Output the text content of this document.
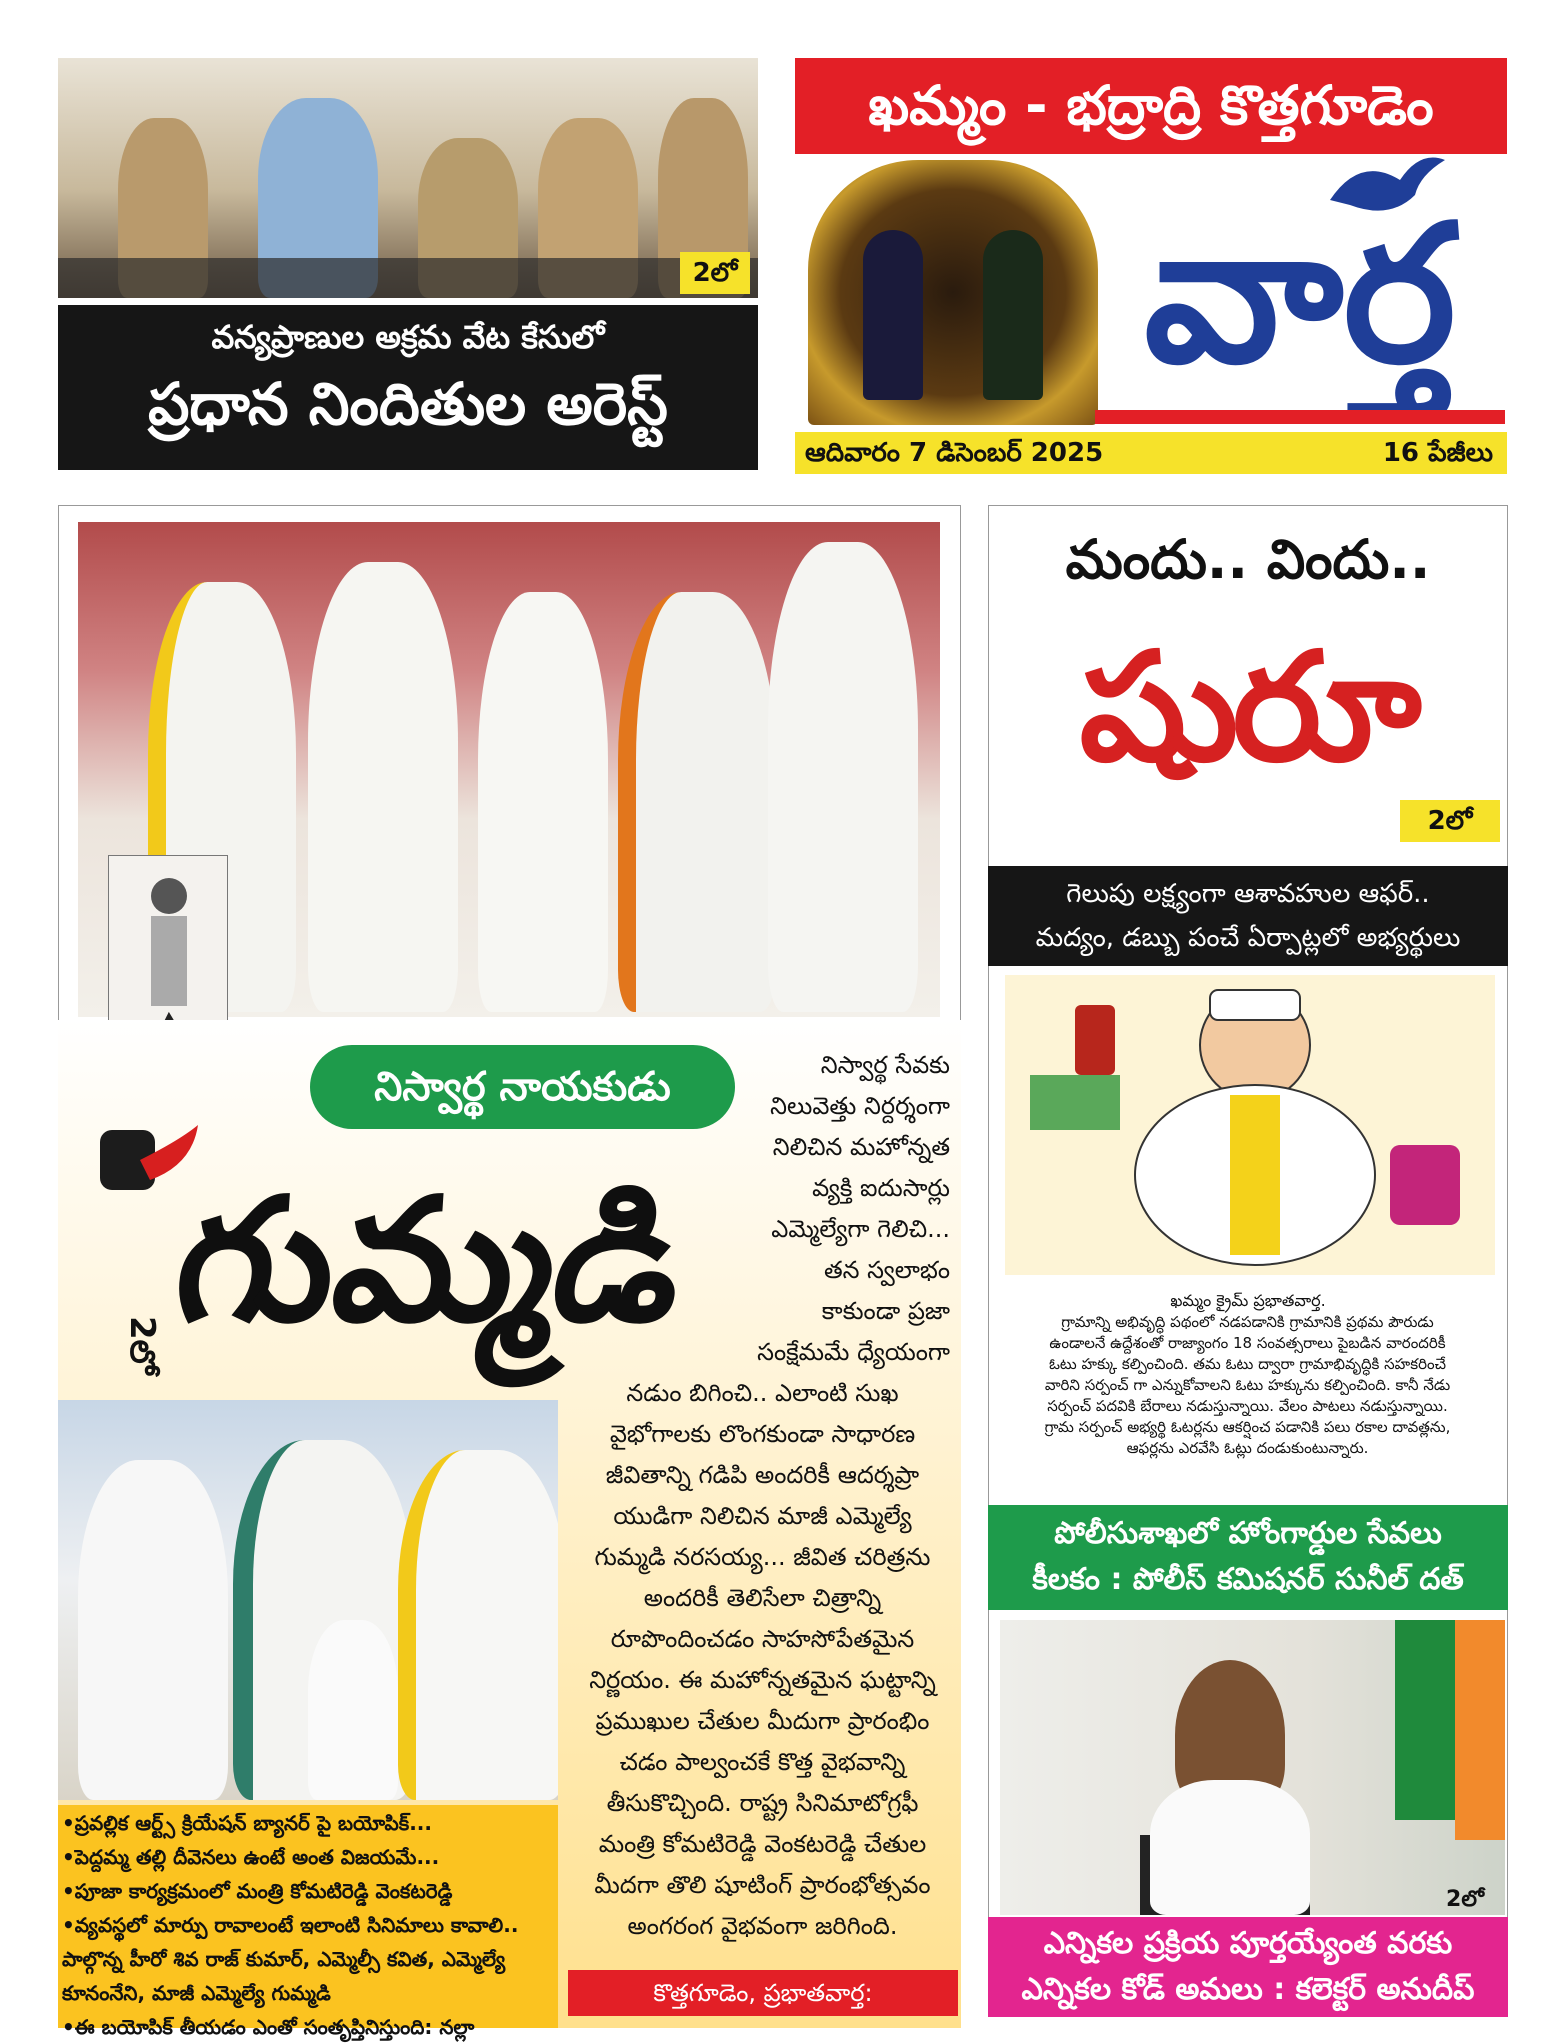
2లో
వన్యప్రాణుల అక్రమ వేట కేసులో
ప్రధాన నిందితుల అరెస్ట్
ఖమ్మం - భద్రాద్రి కొత్తగూడెం
వార్త
ఆదివారం 7 డిసెంబర్ 2025	16 పేజీలు
నిస్వార్థ నాయకుడు
గుమ్మడి
2లో
•ప్రవల్లిక ఆర్ట్స్ క్రియేషన్ బ్యానర్ పై బయోపిక్...
•పెద్దమ్మ తల్లి దీవెనలు ఉంటే అంత విజయమే...
•పూజా కార్యక్రమంలో మంత్రి కోమటిరెడ్డి వెంకటరెడ్డి
•వ్యవస్థలో మార్పు రావాలంటే ఇలాంటి సినిమాలు కావాలి..
పాల్గొన్న హీరో శివ రాజ్ కుమార్, ఎమ్మెల్సీ కవిత, ఎమ్మెల్యే
కూనంనేని, మాజీ ఎమ్మెల్యే గుమ్మడి
•ఈ బయోపిక్ తీయడం ఎంతో సంతృప్తినిస్తుంది: నల్లా
నిస్వార్థ సేవకు
నిలువెత్తు నిర్దర్శంగా
నిలిచిన మహోన్నత
వ్యక్తి ఐదుసార్లు
ఎమ్మెల్యేగా గెలిచి...
తన స్వలాభం
కాకుండా ప్రజా
సంక్షేమమే ధ్యేయంగా
నడుం బిగించి.. ఎలాంటి సుఖ
వైభోగాలకు లొంగకుండా సాధారణ
జీవితాన్ని గడిపి అందరికీ ఆదర్శప్రా
యుడిగా నిలిచిన మాజీ ఎమ్మెల్యే
గుమ్మడి నరసయ్య... జీవిత చరిత్రను
అందరికీ తెలిసేలా చిత్రాన్ని
రూపొందించడం సాహసోపేతమైన
నిర్ణయం. ఈ మహోన్నతమైన ఘట్టాన్ని
ప్రముఖుల చేతుల మీదుగా ప్రారంభిం
చడం పాల్వంచకే కొత్త వైభవాన్ని
తీసుకొచ్చింది. రాష్ట్ర సినిమాటోగ్రఫీ
మంత్రి కోమటిరెడ్డి వెంకటరెడ్డి చేతుల
మీదగా తొలి షూటింగ్ ప్రారంభోత్సవం
అంగరంగ వైభవంగా జరిగింది.
కొత్తగూడెం, ప్రభాతవార్త:
మందు.. విందు..
షురూ
2లో
గెలుపు లక్ష్యంగా ఆశావహుల ఆఫర్..
మద్యం, డబ్బు పంచే ఏర్పాట్లలో అభ్యర్థులు
ఖమ్మం క్రైమ్ ప్రభాతవార్త.
గ్రామాన్ని అభివృద్ధి పథంలో నడపడానికి గ్రామానికి ప్రథమ పౌరుడు
ఉండాలనే ఉద్దేశంతో రాజ్యాంగం 18 సంవత్సరాలు పైబడిన వారందరికీ
ఓటు హక్కు కల్పించింది. తమ ఓటు ద్వారా గ్రామాభివృద్ధికి సహకరించే
వారిని సర్పంచ్ గా ఎన్నుకోవాలని ఓటు హక్కును కల్పించింది. కానీ నేడు
సర్పంచ్ పదవికి బేరాలు నడుస్తున్నాయి. వేలం పాటలు నడుస్తున్నాయి.
గ్రామ సర్పంచ్ అభ్యర్థి ఓటర్లను ఆకర్షించ పడానికి పలు రకాల దావత్లను,
ఆఫర్లను ఎరవేసి ఓట్లు దండుకుంటున్నారు.
పోలీసుశాఖలో హోంగార్డుల సేవలు
కీలకం : పోలీస్ కమిషనర్ సునీల్ దత్
2లో
ఎన్నికల ప్రక్రియ పూర్తయ్యేంత వరకు
ఎన్నికల కోడ్ అమలు : కలెక్టర్ అనుదీప్
